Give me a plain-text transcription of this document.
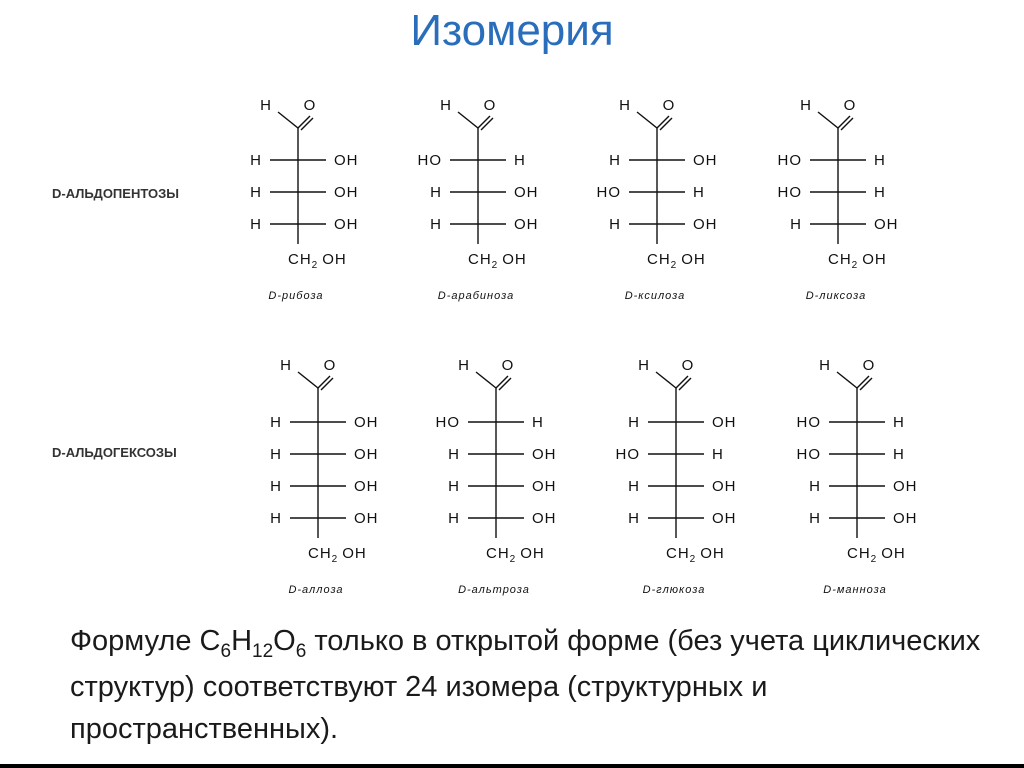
Изомерия
D-АЛЬДОПЕНТОЗЫ
D-АЛЬДОГЕКСОЗЫ
H O
H	OH
H	OH
H	OH
$CH_2$ OH
D-рибоза
H O
HO	H
H	OH
H	OH
$CH_2$ OH
D-арабиноза
H O
H	OH
HO	H
H	OH
$CH_2$ OH
D-ксилоза
H O
HO	H
HO	H
H	OH
$CH_2$ OH
D-ликсоза
H O
H	OH
H	OH
H	OH
H	OH
$CH_2$ OH
D-аллоза
H O
HO	H
H	OH
H	OH
H	OH
$CH_2$ OH
D-альтроза
H O
H	OH
HO	H
H	OH
H	OH
$CH_2$ OH
D-глюкоза
H O
HO	H
HO	H
H	OH
H	OH
$CH_2$ OH
D-манноза
Формуле $C_6H_{12}O_6$ только в открытой форме (без учета циклических структур) соответствуют 24 изомера (структурных и пространственных).
